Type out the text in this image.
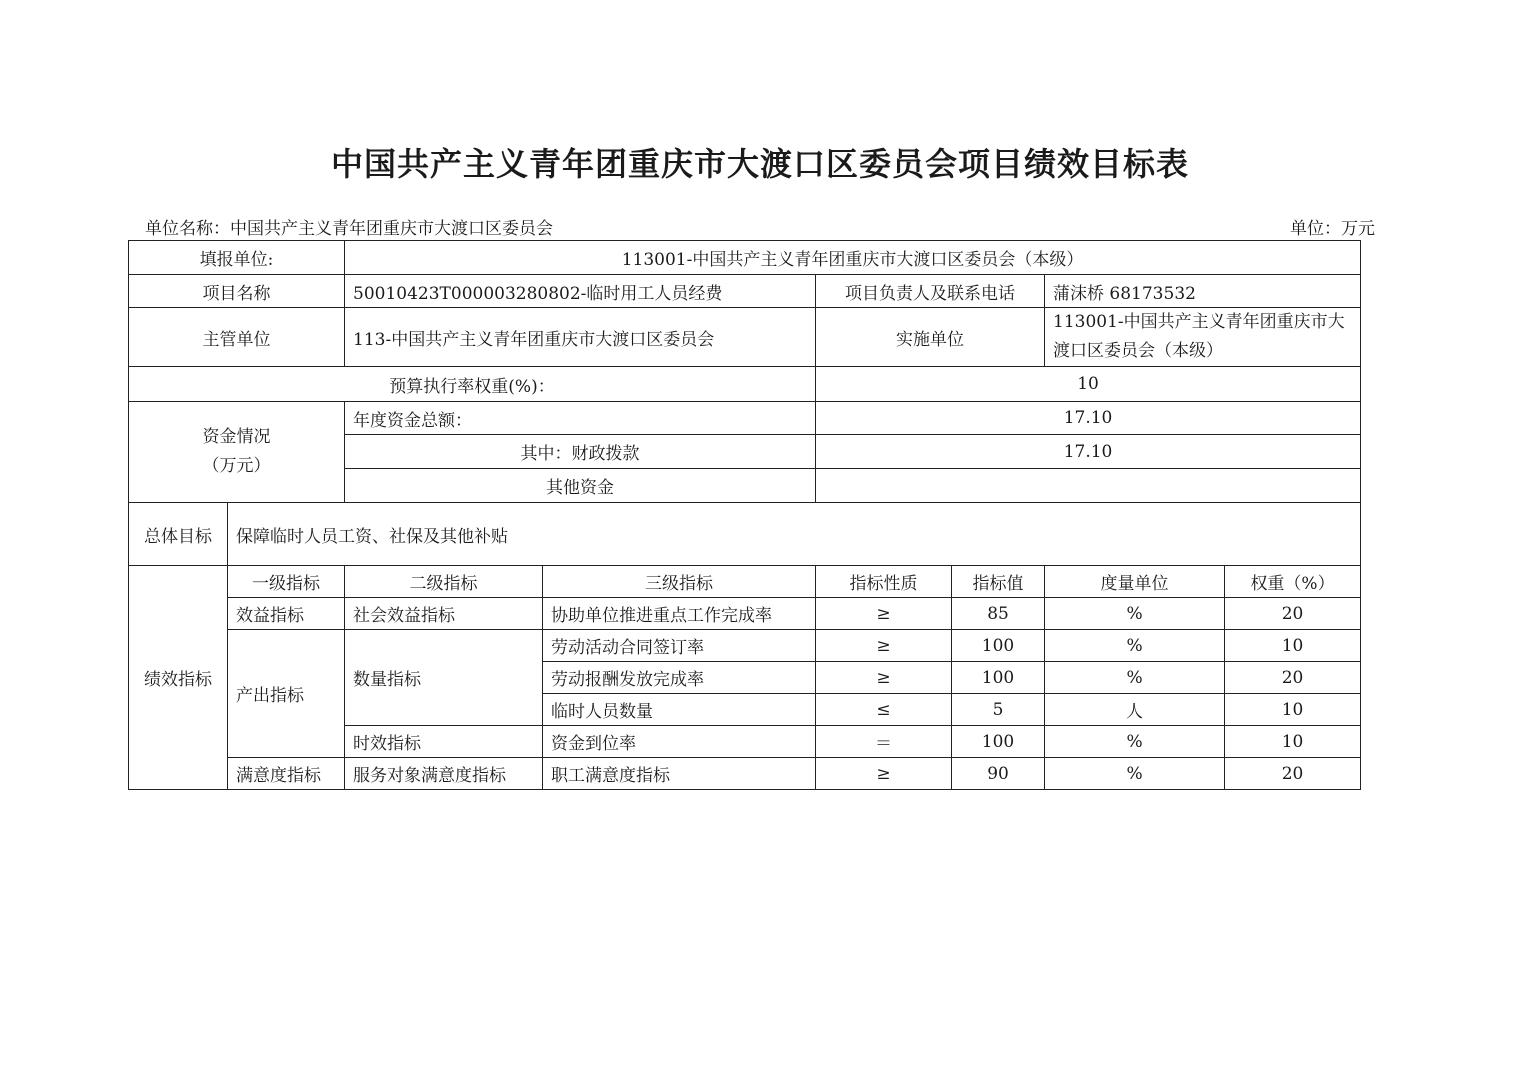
中国共产主义青年团重庆市大渡口区委员会项目绩效目标表
单位名称：中国共产主义青年团重庆市大渡口区委员会	单位：万元
填报单位:		113001-中国共产主义青年团重庆市大渡口区委员会（本级）					
项目名称		50010423T000003280802-临时用工人员经费		项目负责人及联系电话		蒲沫桥 68173532	
主管单位		113-中国共产主义青年团重庆市大渡口区委员会		实施单位		113001-中国共产主义青年团重庆市大渡口区委员会（本级）	
预算执行率权重(%)：				10			

资金情况
（万元）		年度资金总额：		17.10			
		其中：财政拨款		17.10			
		其他资金					
总体目标	保障临时人员工资、社保及其他补贴						
绩效指标	一级指标	二级指标	三级指标	指标性质	指标值	度量单位	权重（%）
	效益指标	社会效益指标	协助单位推进重点工作完成率	≥	85	%	20
	产出指标	数量指标	劳动活动合同签订率	≥	100	%	10
			劳动报酬发放完成率	≥	100	%	20
			临时人员数量	≤	5	人	10
		时效指标	资金到位率	＝	100	%	10
	满意度指标	服务对象满意度指标	职工满意度指标	≥	90	%	20
